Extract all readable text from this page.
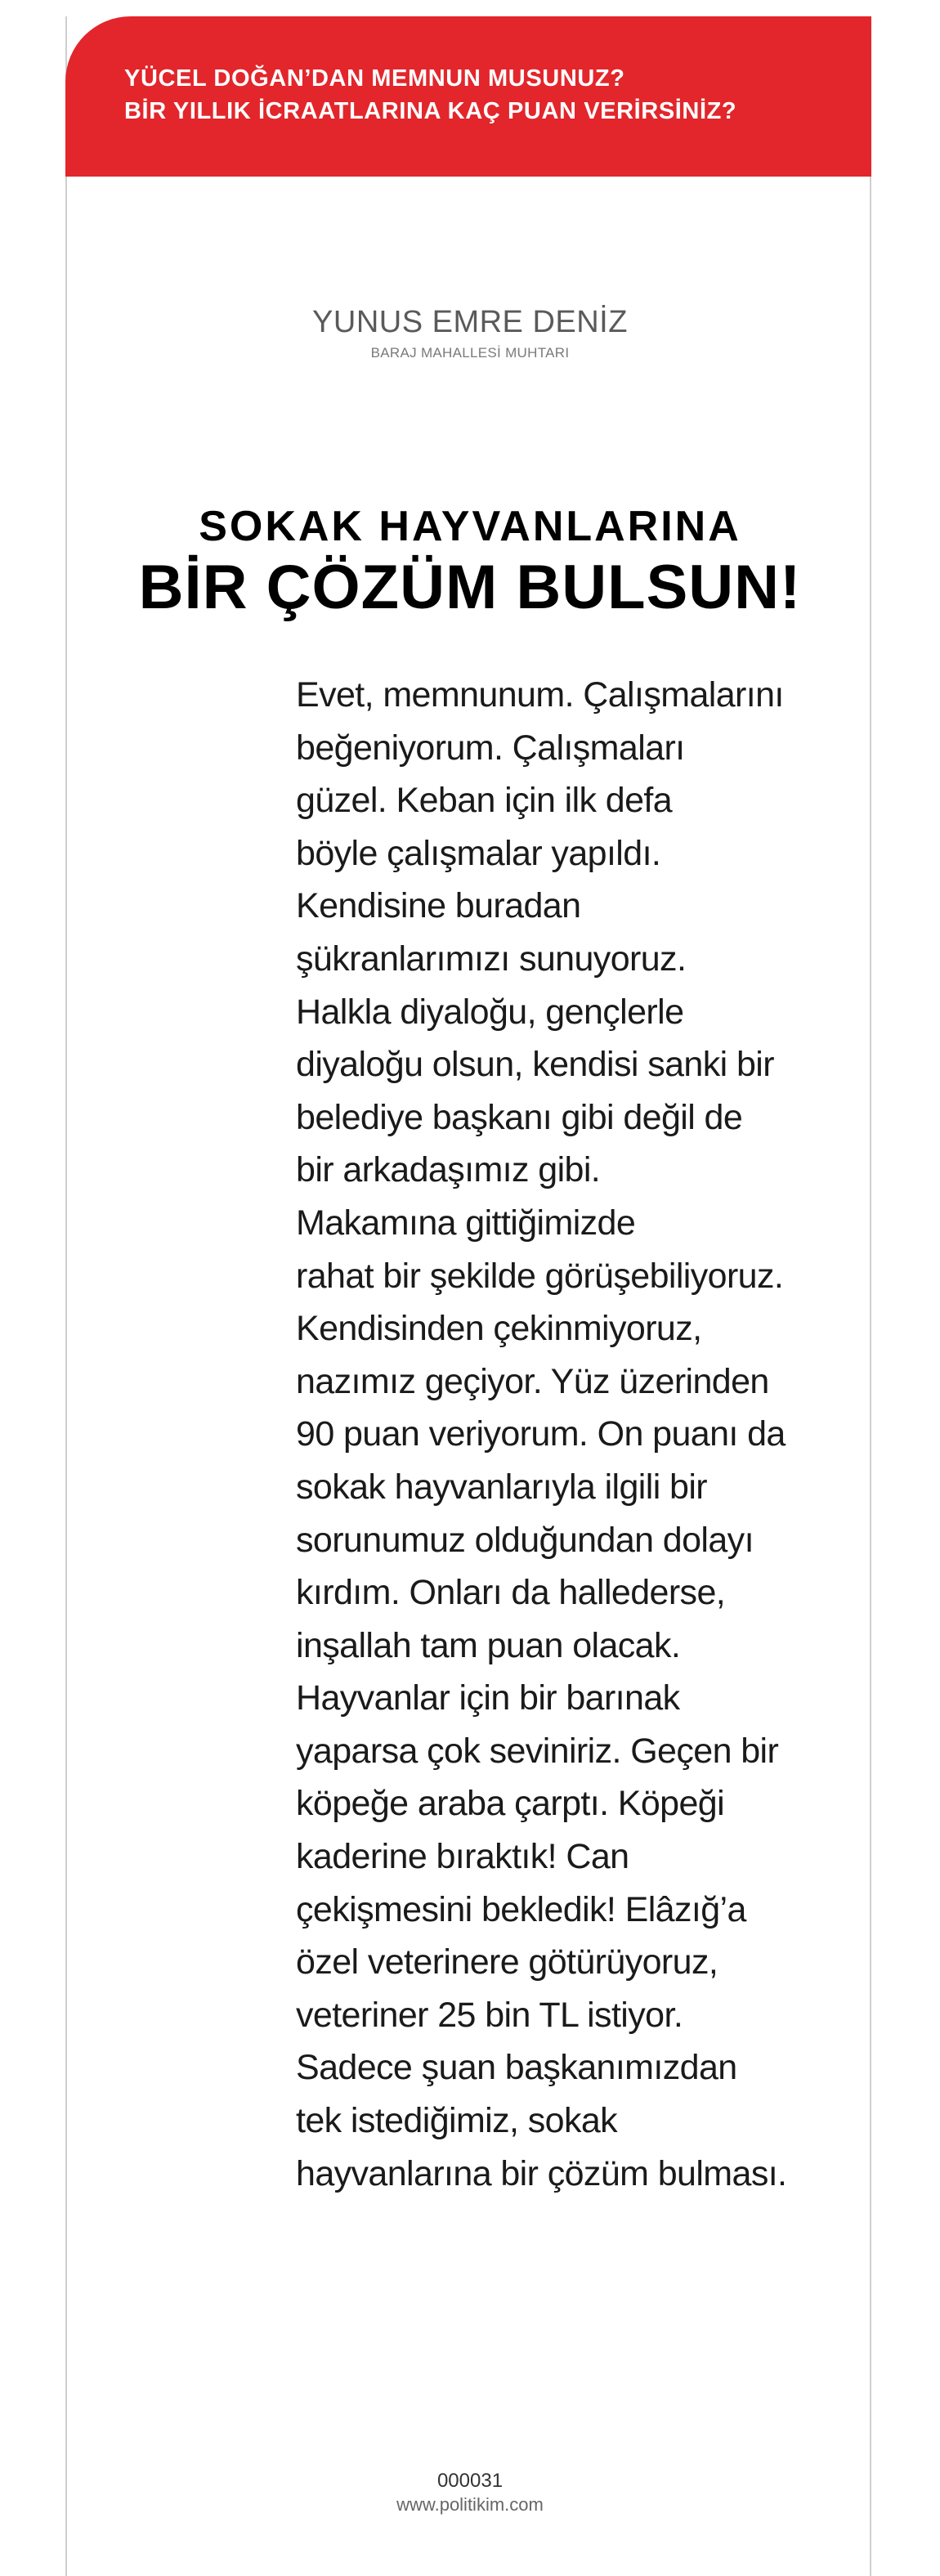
YÜCEL DOĞAN’DAN MEMNUN MUSUNUZ?
BİR YILLIK İCRAATLARINA KAÇ PUAN VERİRSİNİZ?
YUNUS EMRE DENİZ
BARAJ MAHALLESİ MUHTARI
SOKAK HAYVANLARINA
BİR ÇÖZÜM BULSUN!
Evet, memnunum. Çalışmalarını
beğeniyorum. Çalışmaları
güzel. Keban için ilk defa
böyle çalışmalar yapıldı.
Kendisine buradan
şükranlarımızı sunuyoruz.
Halkla diyaloğu, gençlerle
diyaloğu olsun, kendisi sanki bir
belediye başkanı gibi değil de
bir arkadaşımız gibi.
Makamına gittiğimizde
rahat bir şekilde görüşebiliyoruz.
Kendisinden çekinmiyoruz,
nazımız geçiyor. Yüz üzerinden
90 puan veriyorum. On puanı da
sokak hayvanlarıyla ilgili bir
sorunumuz olduğundan dolayı
kırdım. Onları da hallederse,
inşallah tam puan olacak.
Hayvanlar için bir barınak
yaparsa çok seviniriz. Geçen bir
köpeğe araba çarptı. Köpeği
kaderine bıraktık! Can
çekişmesini bekledik! Elâzığ’a
özel veterinere götürüyoruz,
veteriner 25 bin TL istiyor.
Sadece şuan başkanımızdan
tek istediğimiz, sokak
hayvanlarına bir çözüm bulması.
000031
www.politikim.com
